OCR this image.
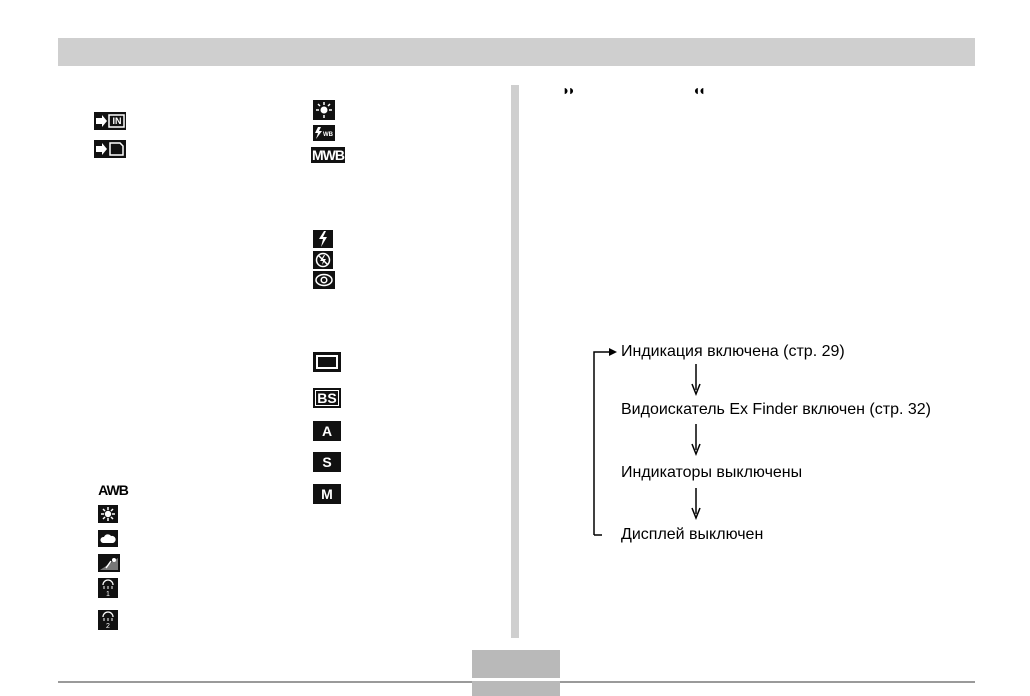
IN
AWB
1
2
WB
MWB
BS
A
S
M
◗◗	◖◖
Индикация включена (стр. 29)
Видоискатель Ex Finder включен (стр. 32)
Индикаторы выключены
Дисплей выключен
